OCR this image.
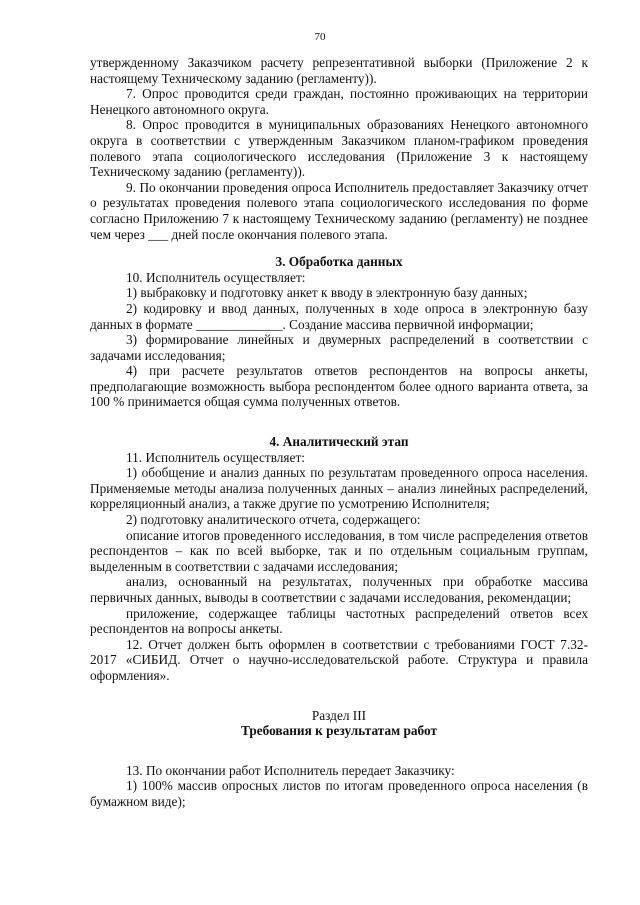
70

утвержденному Заказчиком расчету репрезентативной выборки (Приложение 2 к настоящему Техническому заданию (регламенту)).

7. Опрос проводится среди граждан, постоянно проживающих на территории Ненецкого автономного округа.

8. Опрос проводится в муниципальных образованиях Ненецкого автономного округа в соответствии с утвержденным Заказчиком планом-графиком проведения полевого этапа социологического исследования (Приложение 3 к настоящему Техническому заданию (регламенту)).

9. По окончании проведения опроса Исполнитель предоставляет Заказчику отчет о результатах проведения полевого этапа социологического исследования по форме согласно Приложению 7 к настоящему Техническому заданию (регламенту) не позднее чем через ___ дней после окончания полевого этапа.

3. Обработка данных

10. Исполнитель осуществляет:

1) выбраковку и подготовку анкет к вводу в электронную базу данных;

2) кодировку и ввод данных, полученных в ходе опроса в электронную базу данных в формате _____________. Создание массива первичной информации;

3) формирование линейных и двумерных распределений в соответствии с задачами исследования;

4) при расчете результатов ответов респондентов на вопросы анкеты, предполагающие возможность выбора респондентом более одного варианта ответа, за 100 % принимается общая сумма полученных ответов.

4. Аналитический этап

11. Исполнитель осуществляет:

1) обобщение и анализ данных по результатам проведенного опроса населения. Применяемые методы анализа полученных данных – анализ линейных распределений, корреляционный анализ, а также другие по усмотрению Исполнителя;

2) подготовку аналитического отчета, содержащего:

описание итогов проведенного исследования, в том числе распределения ответов респондентов – как по всей выборке, так и по отдельным социальным группам, выделенным в соответствии с задачами исследования;

анализ, основанный на результатах, полученных при обработке массива первичных данных, выводы в соответствии с задачами исследования, рекомендации;

приложение, содержащее таблицы частотных распределений ответов всех респондентов на вопросы анкеты.

12. Отчет должен быть оформлен в соответствии с требованиями ГОСТ 7.32-2017 «СИБИД. Отчет о научно-исследовательской работе. Структура и правила оформления».

Раздел III

Требования к результатам работ

13. По окончании работ Исполнитель передает Заказчику:

1) 100% массив опросных листов по итогам проведенного опроса населения (в бумажном виде);
